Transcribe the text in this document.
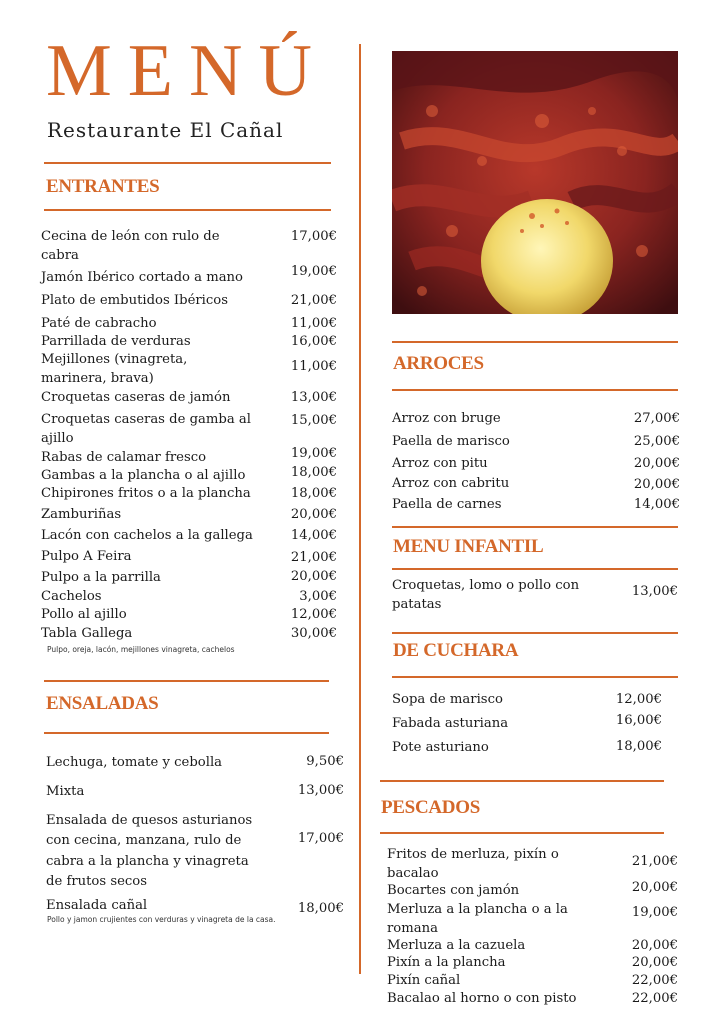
MENÚ
Restaurante El Cañal
ENTRANTES
Cecina de león con rulo de cabra
17,00€
Jamón Ibérico cortado a mano	19,00€
Plato de embutidos Ibéricos	21,00€
Paté de cabracho	11,00€
Parrillada de verduras	16,00€
Mejillones (vinagreta, marinera, brava)
11,00€
Croquetas caseras de jamón	13,00€
Croquetas caseras de gamba al ajillo
15,00€
Rabas de calamar fresco	19,00€
Gambas a la plancha o al ajillo	18,00€
Chipirones fritos o a la plancha	18,00€
Zamburiñas	20,00€
Lacón con cachelos a la gallega	14,00€
Pulpo A Feira	21,00€
Pulpo a la parrilla	20,00€
Cachelos	3,00€
Pollo al ajillo	12,00€
Tabla Gallega	30,00€
Pulpo, oreja, lacón, mejillones vinagreta, cachelos
ENSALADAS
Lechuga, tomate y cebolla	9,50€
Mixta	13,00€
Ensalada de quesos asturianos con cecina, manzana, rulo de cabra a la plancha y vinagreta de frutos secos
17,00€
Ensalada cañal	18,00€
Pollo y jamon crujientes con verduras y vinagreta de la casa.
ARROCES
Arroz con bruge	27,00€
Paella de marisco	25,00€
Arroz con pitu	20,00€
Arroz con cabritu	20,00€
Paella de carnes	14,00€
MENU INFANTIL
Croquetas, lomo o pollo con patatas
13,00€
DE CUCHARA
Sopa de marisco	12,00€
Fabada asturiana	16,00€
Pote asturiano	18,00€
PESCADOS
Fritos de merluza, pixín o bacalao
21,00€
Bocartes con jamón	20,00€
Merluza a la plancha o a la romana
19,00€
Merluza a la cazuela	20,00€
Pixín a la plancha	20,00€
Pixín cañal	22,00€
Bacalao al horno o con pisto	22,00€
